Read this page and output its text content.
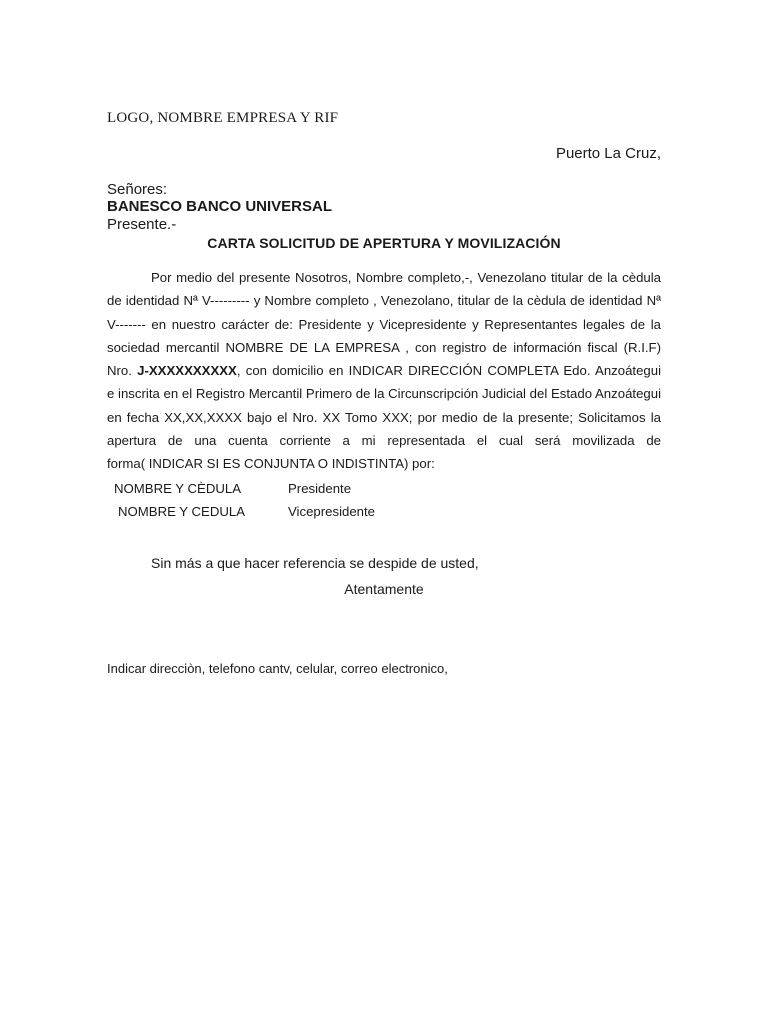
LOGO, NOMBRE EMPRESA Y RIF
Puerto La Cruz,
Señores:
BANESCO BANCO UNIVERSAL
Presente.-
CARTA SOLICITUD DE APERTURA Y MOVILIZACIÓN
Por medio del presente Nosotros, Nombre completo,-, Venezolano titular de la cèdula
de identidad Nª V--------- y Nombre completo , Venezolano, titular de la cèdula de identidad Nª
V------- en nuestro carácter de: Presidente y Vicepresidente y Representantes legales de la
sociedad mercantil NOMBRE DE LA EMPRESA , con registro de información fiscal (R.I.F)
Nro. J-XXXXXXXXXX, con domicilio en INDICAR DIRECCIÓN COMPLETA Edo. Anzoátegui
e inscrita en el Registro Mercantil Primero de la Circunscripción Judicial del Estado Anzoátegui
en fecha XX,XX,XXXX bajo el Nro. XX Tomo XXX; por medio de la presente; Solicitamos la
apertura de una cuenta corriente a mi representada el cual será movilizada de
forma( INDICAR SI ES CONJUNTA O INDISTINTA) por:
NOMBRE Y CÈDULA	Presidente
NOMBRE Y CEDULA	Vicepresidente
Sin más a que hacer referencia se despide de usted,
Atentamente
Indicar direcciòn, telefono cantv, celular, correo electronico,
